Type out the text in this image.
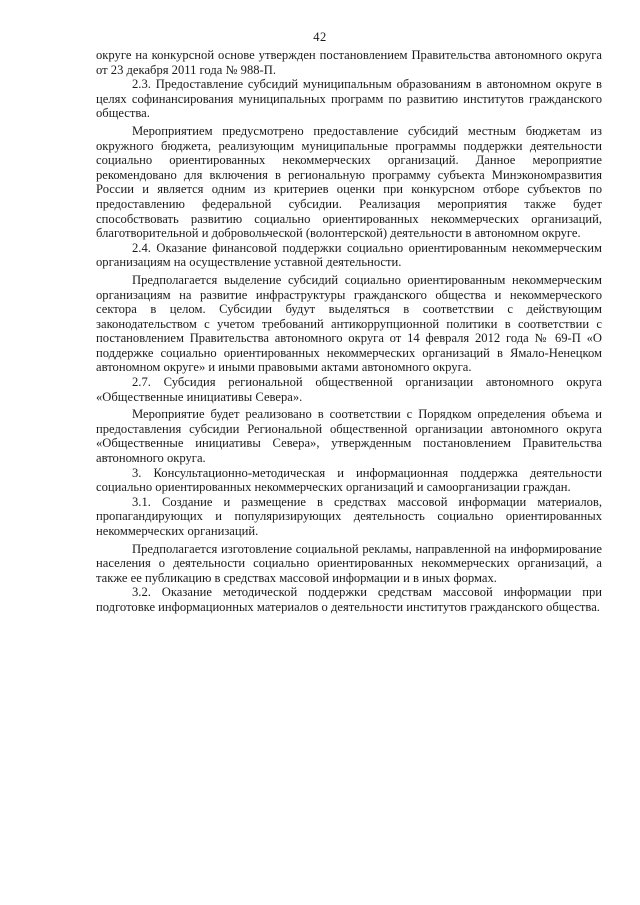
42

округе на конкурсной основе утвержден постановлением Правительства автономного округа от 23 декабря 2011 года № 988-П.

2.3. Предоставление субсидий муниципальным образованиям в автономном округе в целях софинансирования муниципальных программ по развитию институтов гражданского общества.

Мероприятием предусмотрено предоставление субсидий местным бюджетам из окружного бюджета, реализующим муниципальные программы поддержки деятельности социально ориентированных некоммерческих организаций. Данное мероприятие рекомендовано для включения в региональную программу субъекта Минэкономразвития России и является одним из критериев оценки при конкурсном отборе субъектов по предоставлению федеральной субсидии. Реализация мероприятия также будет способствовать развитию социально ориентированных некоммерческих организаций, благотворительной и добровольческой (волонтерской) деятельности в автономном округе.

2.4. Оказание финансовой поддержки социально ориентированным некоммерческим организациям на осуществление уставной деятельности.

Предполагается выделение субсидий социально ориентированным некоммерческим организациям на развитие инфраструктуры гражданского общества и некоммерческого сектора в целом. Субсидии будут выделяться в соответствии с действующим законодательством с учетом требований антикоррупционной политики в соответствии с постановлением Правительства автономного округа от 14 февраля 2012 года № 69-П «О поддержке социально ориентированных некоммерческих организаций в Ямало-Ненецком автономном округе» и иными правовыми актами автономного округа.

2.7. Субсидия региональной общественной организации автономного округа «Общественные инициативы Севера».

Мероприятие будет реализовано в соответствии с Порядком определения объема и предоставления субсидии Региональной общественной организации автономного округа «Общественные инициативы Севера», утвержденным постановлением Правительства автономного округа.

3. Консультационно-методическая и информационная поддержка деятельности социально ориентированных некоммерческих организаций и самоорганизации граждан.

3.1. Создание и размещение в средствах массовой информации материалов, пропагандирующих и популяризирующих деятельность социально ориентированных некоммерческих организаций.

Предполагается изготовление социальной рекламы, направленной на информирование населения о деятельности социально ориентированных некоммерческих организаций, а также ее публикацию в средствах массовой информации и в иных формах.

3.2. Оказание методической поддержки средствам массовой информации при подготовке информационных материалов о деятельности институтов гражданского общества.
